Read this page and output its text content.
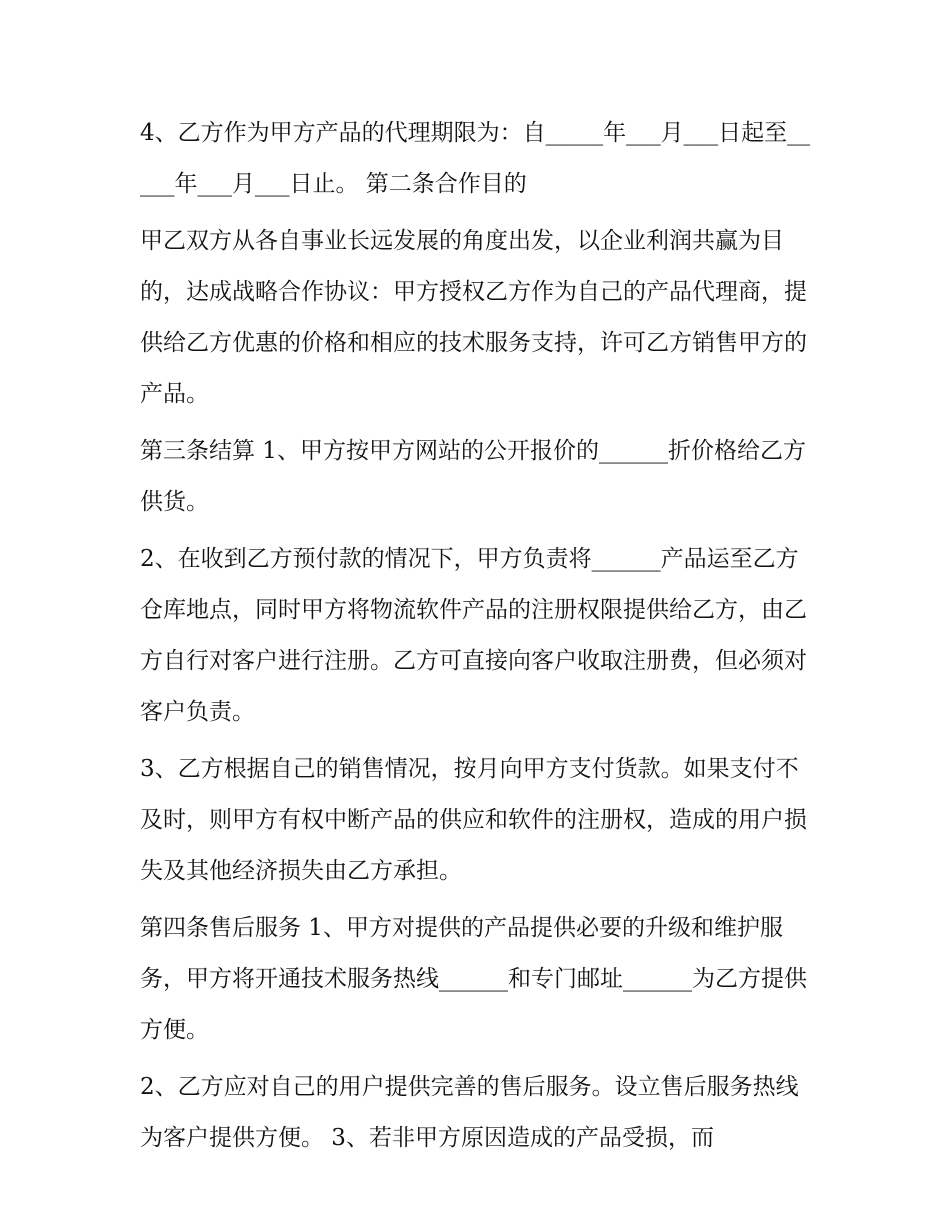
4、乙方作为甲方产品的代理期限为：自_____年___月___日起至_____年___月___日止。 第二条合作目的

甲乙双方从各自事业长远发展的角度出发，以企业利润共赢为目的，达成战略合作协议：甲方授权乙方作为自己的产品代理商，提供给乙方优惠的价格和相应的技术服务支持，许可乙方销售甲方的产品。

第三条结算 1、甲方按甲方网站的公开报价的______折价格给乙方供货。

2、在收到乙方预付款的情况下，甲方负责将______产品运至乙方仓库地点，同时甲方将物流软件产品的注册权限提供给乙方，由乙方自行对客户进行注册。乙方可直接向客户收取注册费，但必须对客户负责。

3、乙方根据自己的销售情况，按月向甲方支付货款。如果支付不及时，则甲方有权中断产品的供应和软件的注册权，造成的用户损失及其他经济损失由乙方承担。

第四条售后服务 1、甲方对提供的产品提供必要的升级和维护服务，甲方将开通技术服务热线______和专门邮址______为乙方提供方便。

2、乙方应对自己的用户提供完善的售后服务。设立售后服务热线为客户提供方便。 3、若非甲方原因造成的产品受损，而
